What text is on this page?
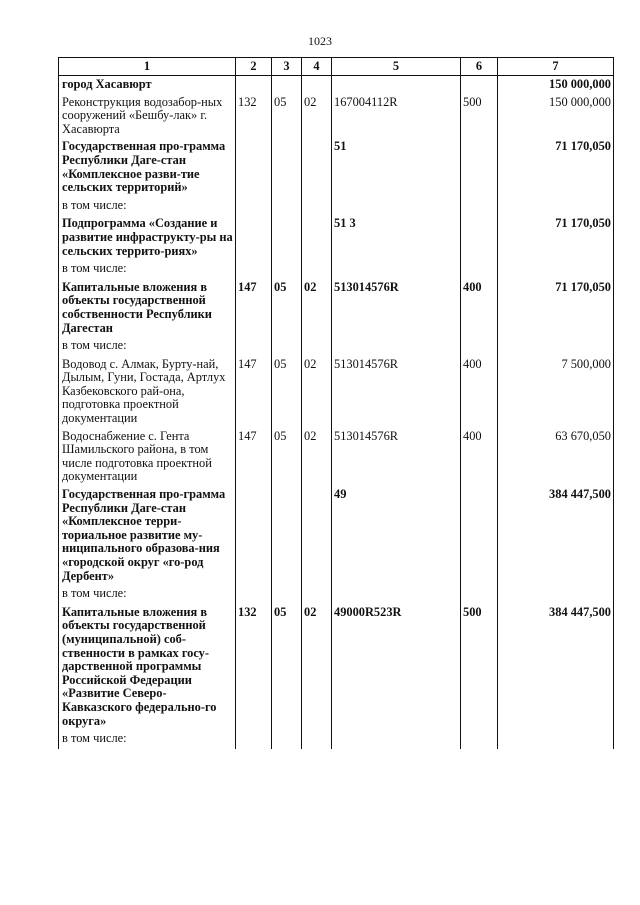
1023
1	2	3	4	5	6	7
город Хасавюрт						150 000,000
Реконструкция водозабор-ных сооружений «Бешбу-лак» г. Хасавюрта	132	05	02	167004112R	500	150 000,000
Государственная про-грамма Республики Даге-стан «Комплексное разви-тие сельских территорий»				51		71 170,050
в том числе:						
Подпрограмма «Создание и развитие инфраструкту-ры на сельских террито-риях»				51 3		71 170,050
в том числе:						
Капитальные вложения в объекты государственной собственности Республики Дагестан	147	05	02	513014576R	400	71 170,050
в том числе:						
Водовод с. Алмак, Бурту-най, Дылым, Гуни, Гостада, Артлух Казбековского рай-она, подготовка проектной документации	147	05	02	513014576R	400	7 500,000
Водоснабжение с. Гента Шамильского района, в том числе подготовка проектной документации	147	05	02	513014576R	400	63 670,050
Государственная про-грамма Республики Даге-стан «Комплексное терри-ториальное развитие му-ниципального образова-ния «городской округ «го-род Дербент»				49		384 447,500
в том числе:						
Капитальные вложения в объекты государственной (муниципальной) соб-ственности в рамках госу-дарственной программы Российской Федерации «Развитие Северо-Кавказского федерально-го округа»	132	05	02	49000R523R	500	384 447,500
в том числе:						
